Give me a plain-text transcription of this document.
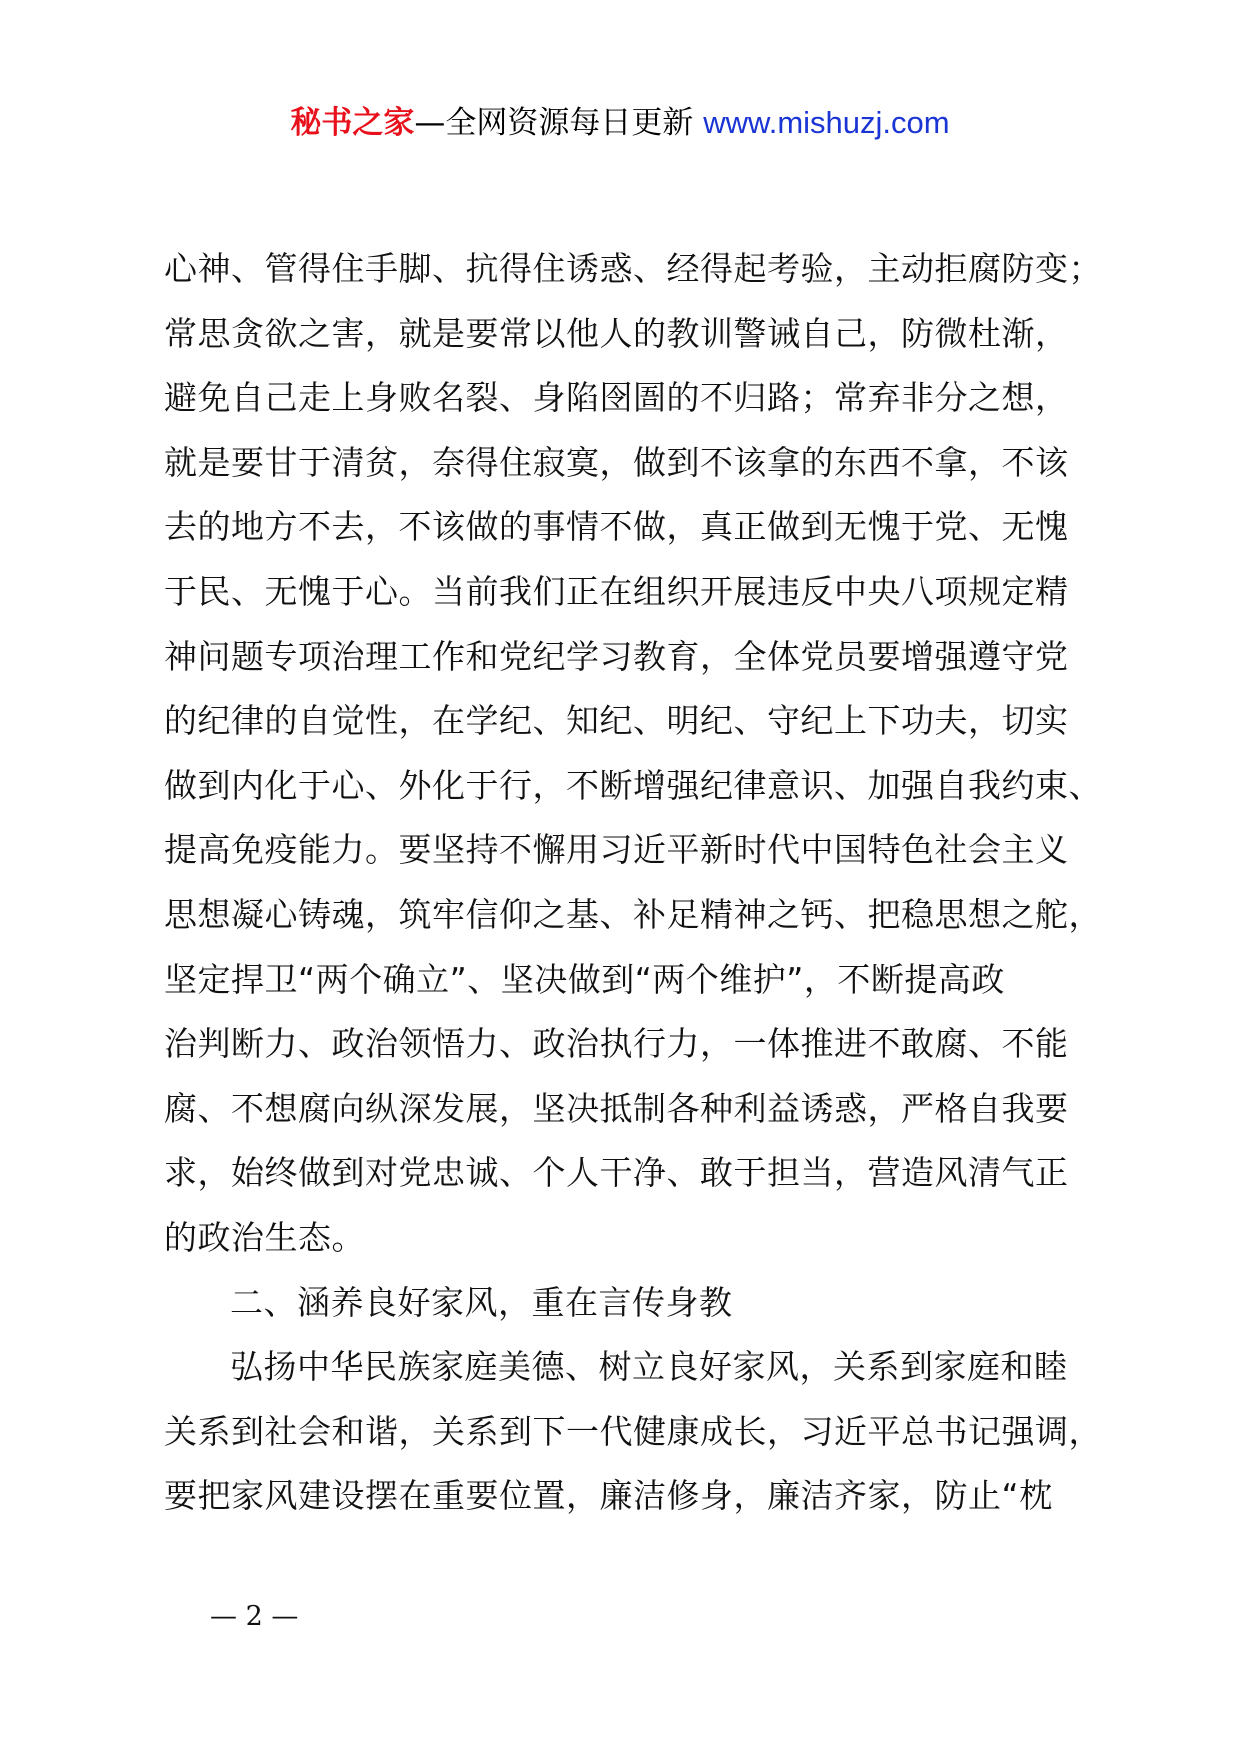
秘书之家—全网资源每日更新 www.mishuzj.com
心神、管得住手脚、抗得住诱惑、经得起考验，主动拒腐防变；
常思贪欲之害，就是要常以他人的教训警诫自己，防微杜渐，
避免自己走上身败名裂、身陷囹圄的不归路；常弃非分之想，
就是要甘于清贫，奈得住寂寞，做到不该拿的东西不拿，不该
去的地方不去，不该做的事情不做，真正做到无愧于党、无愧
于民、无愧于心。当前我们正在组织开展违反中央八项规定精
神问题专项治理工作和党纪学习教育，全体党员要增强遵守党
的纪律的自觉性，在学纪、知纪、明纪、守纪上下功夫，切实
做到内化于心、外化于行，不断增强纪律意识、加强自我约束、
提高免疫能力。要坚持不懈用习近平新时代中国特色社会主义
思想凝心铸魂，筑牢信仰之基、补足精神之钙、把稳思想之舵，
坚定捍卫“两个确立”、坚决做到“两个维护”，不断提高政
治判断力、政治领悟力、政治执行力，一体推进不敢腐、不能
腐、不想腐向纵深发展，坚决抵制各种利益诱惑，严格自我要
求，始终做到对党忠诚、个人干净、敢于担当，营造风清气正
的政治生态。
二、涵养良好家风，重在言传身教
弘扬中华民族家庭美德、树立良好家风，关系到家庭和睦
关系到社会和谐，关系到下一代健康成长，习近平总书记强调，
要把家风建设摆在重要位置，廉洁修身，廉洁齐家，防止“枕
— 2 —
